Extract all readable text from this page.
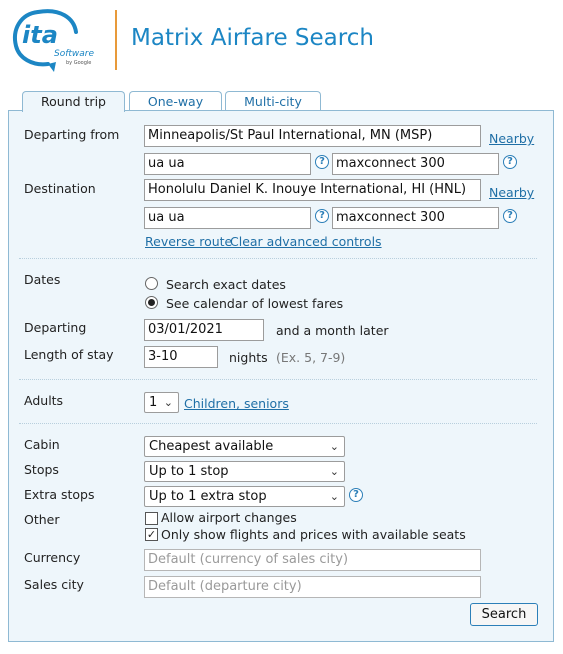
ita
Software
by Google
Matrix Airfare Search
Round trip	One-way	Multi-city
Departing from	Minneapolis/St Paul International, MN (MSP)	Nearby
ua ua	? maxconnect 300	?
Destination	Honolulu Daniel K. Inouye International, HI (HNL)	Nearby
ua ua	? maxconnect 300	?
Reverse route
Clear advanced controls
Dates	Search exact dates
See calendar of lowest fares
Departing	03/01/2021	and a month later
Length of stay	3-10	nights (Ex. 5, 7-9)
Adults	1 ⌄ Children, seniors
Cabin	Cheapest available	⌄
Stops	Up to 1 stop	⌄
Extra stops	Up to 1 extra stop	⌄	?
Other	Allow airport changes
✓ Only show flights and prices with available seats
Currency	Default (currency of sales city)
Sales city	Default (departure city)
Search
